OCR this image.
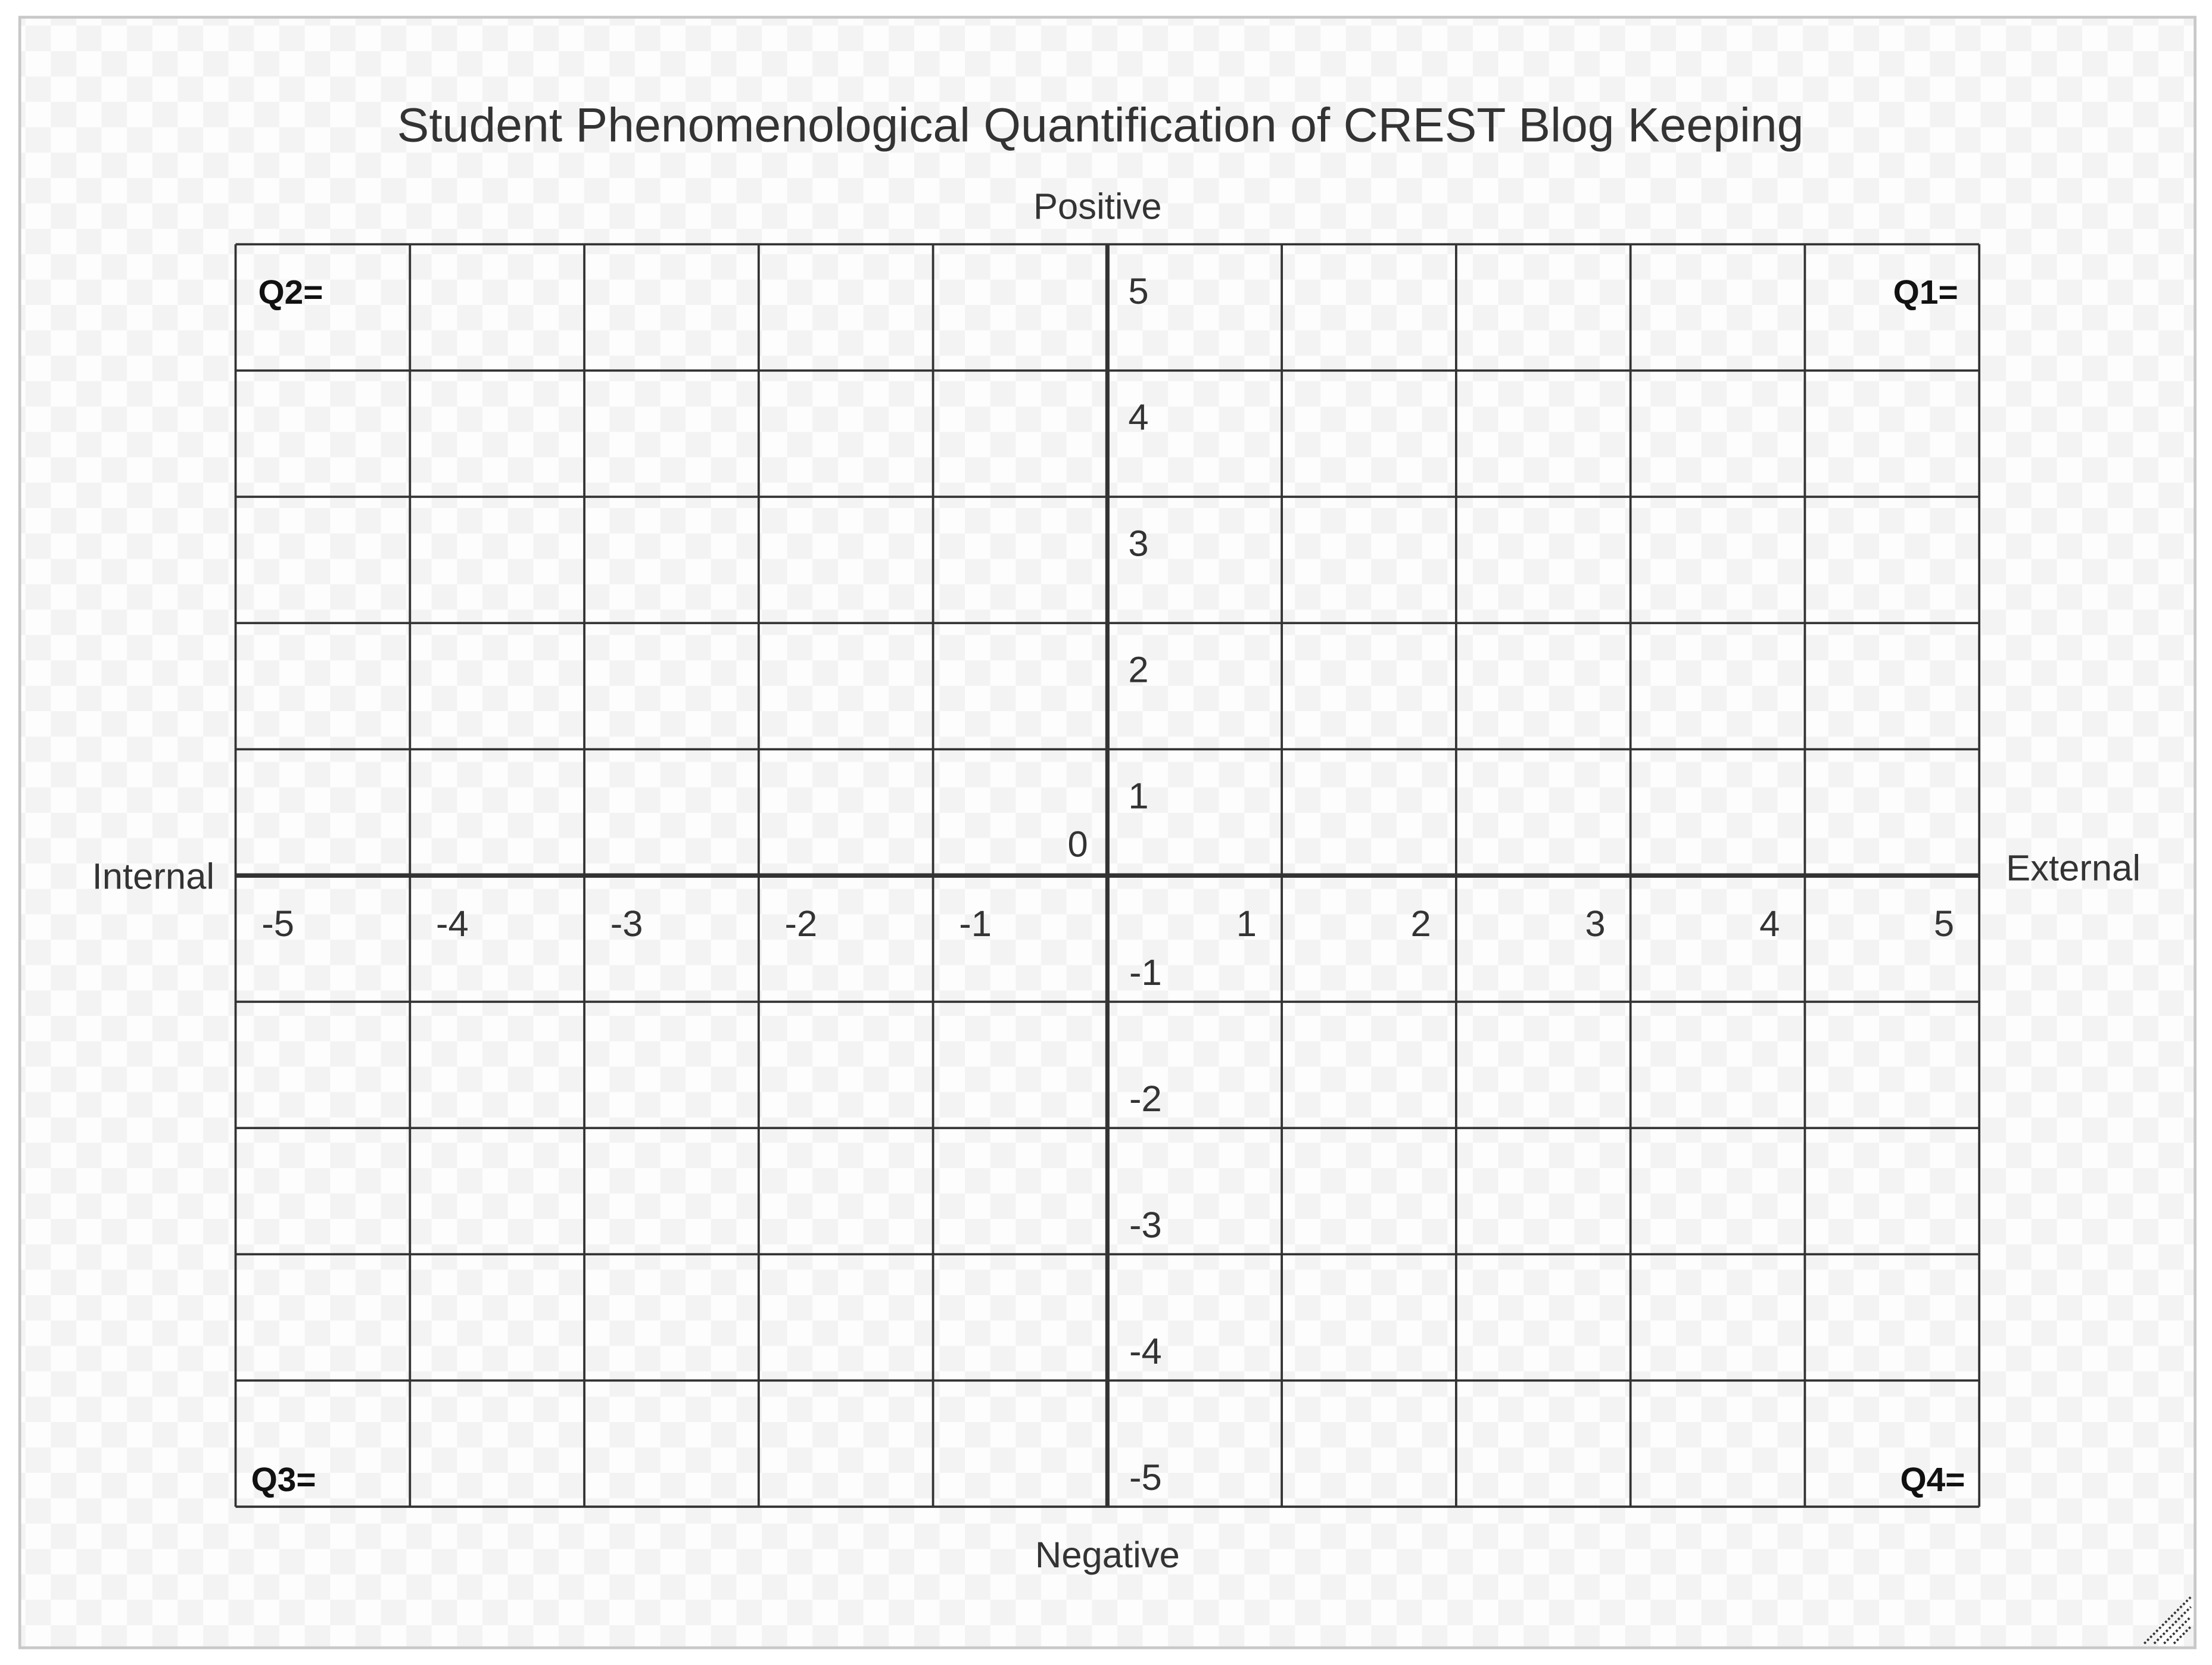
Student Phenomenological Quantification of CREST Blog Keeping
Positive
Negative
Internal	External
-5	-4	-3	-2	-1	1	2	3	4	5
5
4
3
2
1
-1
-2
-3
-4
-5
0
Q2=	Q1=
Q3=	Q4=
